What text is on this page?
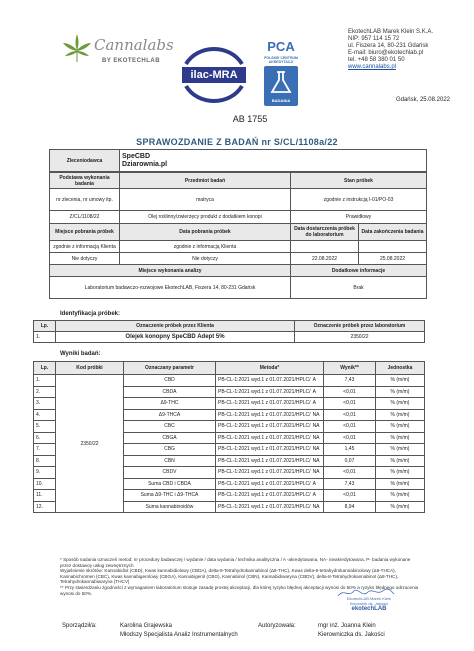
Cannalabs
BY EKOTECHLAB
ilac-MRA
PCA
POLSKIE CENTRUM
AKREDYTACJI
BADANIA
AB 1755
EkotechLAB Marek Klein S.K.A.
NIP: 957 114 15 72
ul. Fiszera 14, 80-231 Gdańsk
E-mail: biuro@ekotechlab.pl
tel. +48 58 380 01 50
www.cannalabs.pl
Gdańsk, 25.08.2022
SPRAWOZDANIE Z BADAŃ nr S/CL/1108a/22
Zleceniodawca	
SpeCBD
Dziarownia.pl
Podstawa wykonania badania	Przedmiot badań	Stan próbek	
nr zlecenia, nr umowy itp.	matryca	zgodnie z instrukcją I-01/PO-03	
Z/CL/1108/22	Olej roślinny/zwierzęcy produkt z dodatkiem konopi	Prawidłowy	
Miejsce pobrania próbek	Data pobrania próbek	Data dostarczenia próbek do laboratorium	Data zakończenia badania
zgodnie z informacją Klienta	zgodnie z informacją Klienta		
Nie dotyczy	Nie dotyczy	22.08.2022	25.08.2022
Miejsce wykonania analizy		Dodatkowe informacje	
Laboratorium badawczo-rozwojowe EkotechLAB, Fiszera 14, 80-231 Gdańsk		Brak	
Identyfikacja próbek:
Lp.	Oznaczenie próbek przez Klienta	Oznaczenie próbek przez laboratorium
1.	Olejek konopny SpeCBD Adept 5%	2350/22
Wyniki badań:
Lp.	Kod próbki	Oznaczany parametr	Metoda*	Wynik**	Jednostka
1.	2350/22	CBD	PB-CL-1:2021 wyd.1 z 01.07.2021/HPLC/ A	7,43	% (m/m)
2.		CBDA	PB-CL-1:2021 wyd.1 z 01.07.2021/HPLC/ A	<0,01	% (m/m)
3.		Δ9-THC	PB-CL-1:2021 wyd.1 z 01.07.2021/HPLC/ A	<0,01	% (m/m)
4.		Δ9-THCA	PB-CL-1:2021 wyd.1 z 01.07.2021/HPLC/ NA	<0,01	% (m/m)
5.		CBC	PB-CL-1:2021 wyd.1 z 01.07.2021/HPLC/ NA	<0,01	% (m/m)
6.		CBGA	PB-CL-1:2021 wyd.1 z 01.07.2021/HPLC/ NA	<0,01	% (m/m)
7.		CBG	PB-CL-1:2021 wyd.1 z 01.07.2021/HPLC/ NA	1,45	% (m/m)
8.		CBN	PB-CL-1:2021 wyd.1 z 01.07.2021/HPLC/ NA	0,07	% (m/m)
9.		CBDV	PB-CL-1:2021 wyd.1 z 01.07.2021/HPLC/ NA	<0,01	% (m/m)
10.		Suma CBD i CBDA	PB-CL-1:2021 wyd.1 z 01.07.2021/HPLC/ A	7,43	% (m/m)
11.		Suma Δ9-THC i Δ9-THCA	PB-CL-1:2021 wyd.1 z 01.07.2021/HPLC/ A	<0,01	% (m/m)
12.		Suma kannabinoidów	PB-CL-1:2021 wyd.1 z 01.07.2021/HPLC/ NA	8,94	% (m/m)
* Sposób nadania oznaczeń metod: nr procedury badawczej / wydanie / data wydania / technika analityczna / A -akredytowana, NA- nieakredytowana, P- badania wykonane przez dostawcę usług zewnętrznych
Wyjaśnienie skrótów: Kannabidiol (CBD), Kwas kannabidiolowy (CBDA), delta-9-Tetrahydrokannabinol (Δ9-THC), Kwas delta-9-tetrahydrokannabinolowy (Δ9-THCA), Kannabichromen (CBC), Kwas kannabigerolowy (CBGA), Kannabigerol (CBG), Kannabinol (CBN), Kannabidiwaryna (CBDV), delta-8-Tetrahydrokannabinol (Δ8-THC), Tetrahydrokannabiwaryna (THCV)
** Przy stwierdzaniu zgodności z wymaganiem laboratorium stosuje zasadę prostej akceptacji, dla której ryzyko błędnej akceptacji wynosi do 50% a ryzyko błędnego odrzucenia wynosi do 50%.
EkotechLAB Marek Klein
Kierownik ds. Jakości
ekotechLAB
Sporządził/a:	Karolina Grajewska
Młodszy Specjalista Analiz Instrumentalnych
Autoryzowała:	mgr inż. Joanna Klein
Kierowniczka ds. Jakości
